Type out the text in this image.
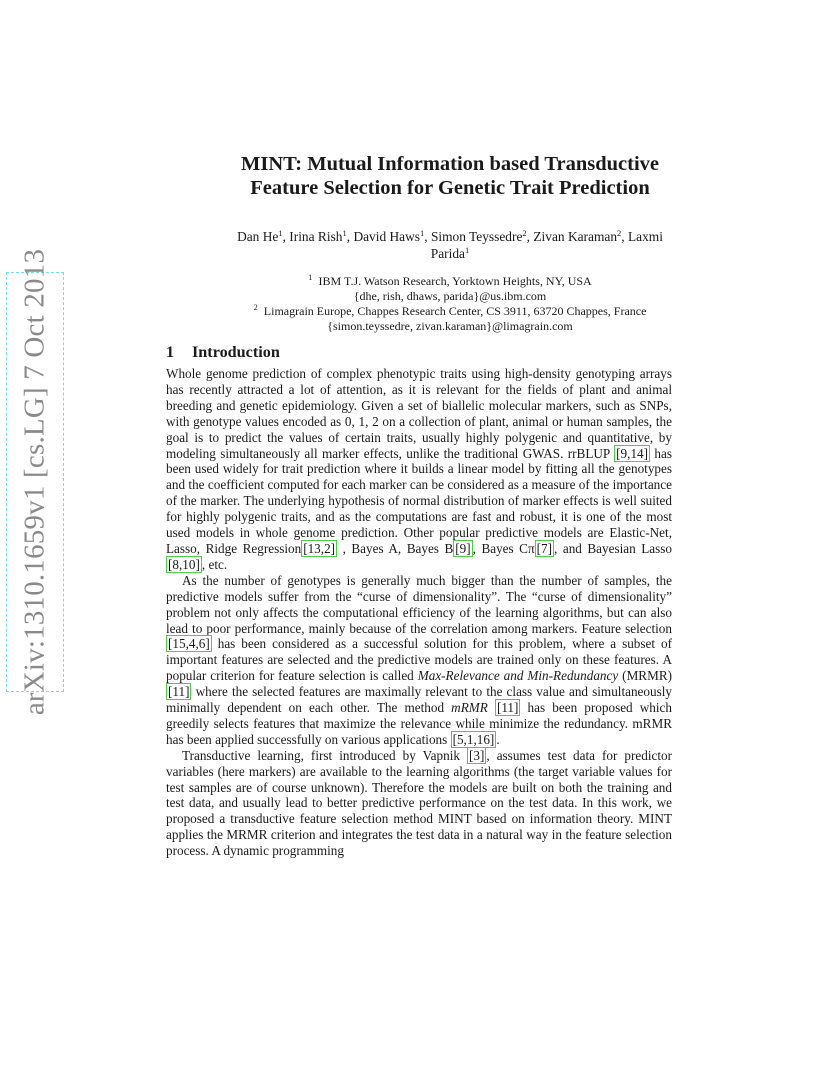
arXiv:1310.1659v1 [cs.LG] 7 Oct 2013
MINT: Mutual Information based Transductive
Feature Selection for Genetic Trait Prediction
Dan He$^1$, Irina Rish$^1$, David Haws$^1$, Simon Teyssedre$^2$, Zivan Karaman$^2$, Laxmi
Parida$^1$
$^1$ IBM T.J. Watson Research, Yorktown Heights, NY, USA
{dhe, rish, dhaws, parida}@us.ibm.com
$^2$ Limagrain Europe, Chappes Research Center, CS 3911, 63720 Chappes, France
{simon.teyssedre, zivan.karaman}@limagrain.com
1 Introduction

Whole genome prediction of complex phenotypic traits using high-density genotyping arrays has recently attracted a lot of attention, as it is relevant for the fields of plant and animal breeding and genetic epidemiology. Given a set of biallelic molecular markers, such as SNPs, with genotype values encoded as 0, 1, 2 on a collection of plant, animal or human samples, the goal is to predict the values of certain traits, usually highly polygenic and quantitative, by modeling simultaneously all marker effects, unlike the traditional GWAS. rrBLUP [9,14] has been used widely for trait prediction where it builds a linear model by fitting all the genotypes and the coefficient computed for each marker can be considered as a measure of the importance of the marker. The underlying hypothesis of normal distribution of marker effects is well suited for highly polygenic traits, and as the computations are fast and robust, it is one of the most used models in whole genome prediction. Other popular predictive models are Elastic-Net, Lasso, Ridge Regression [13,2] , Bayes A, Bayes B [9] , Bayes Cπ [7] , and Bayesian Lasso [8,10] , etc.

As the number of genotypes is generally much bigger than the number of samples, the predictive models suffer from the “curse of dimensionality”. The “curse of dimensionality” problem not only affects the computational efficiency of the learning algorithms, but can also lead to poor performance, mainly because of the correlation among markers. Feature selection [15,4,6] has been considered as a successful solution for this problem, where a subset of important features are selected and the predictive models are trained only on these features. A popular criterion for feature selection is called Max-Relevance and Min-Redundancy (MRMR) [11] where the selected features are maximally relevant to the class value and simultaneously minimally dependent on each other. The method mRMR [11] has been proposed which greedily selects features that maximize the relevance while minimize the redundancy. mRMR has been applied successfully on various applications [5,1,16] .

Transductive learning, first introduced by Vapnik [3] , assumes test data for predictor variables (here markers) are available to the learning algorithms (the target variable values for test samples are of course unknown). Therefore the models are built on both the training and test data, and usually lead to better predictive performance on the test data. In this work, we proposed a transductive feature selection method MINT based on information theory. MINT applies the MRMR criterion and integrates the test data in a natural way in the feature selection process. A dynamic programming
